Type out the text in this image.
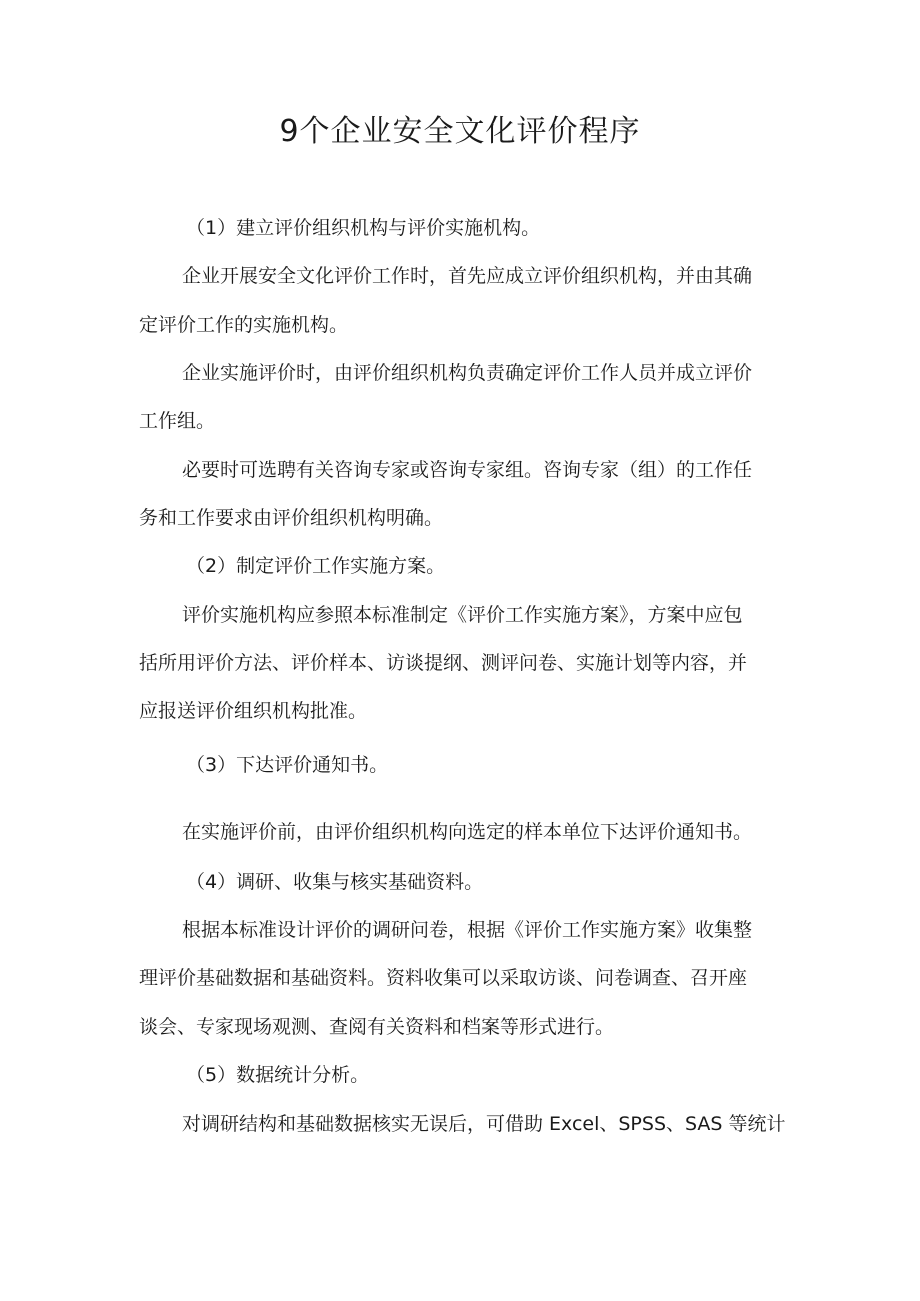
9个企业安全文化评价程序
（1）建立评价组织机构与评价实施机构。
企业开展安全文化评价工作时，首先应成立评价组织机构，并由其确
定评价工作的实施机构。
企业实施评价时，由评价组织机构负责确定评价工作人员并成立评价
工作组。
必要时可选聘有关咨询专家或咨询专家组。咨询专家（组）的工作任
务和工作要求由评价组织机构明确。
（2）制定评价工作实施方案。
评价实施机构应参照本标准制定《评价工作实施方案》，方案中应包
括所用评价方法、评价样本、访谈提纲、测评问卷、实施计划等内容，并
应报送评价组织机构批准。
（3）下达评价通知书。
在实施评价前，由评价组织机构向选定的样本单位下达评价通知书。
（4）调研、收集与核实基础资料。
根据本标准设计评价的调研问卷，根据《评价工作实施方案》收集整
理评价基础数据和基础资料。资料收集可以采取访谈、问卷调查、召开座
谈会、专家现场观测、查阅有关资料和档案等形式进行。
（5）数据统计分析。
对调研结构和基础数据核实无误后，可借助 Excel、SPSS、SAS 等统计
